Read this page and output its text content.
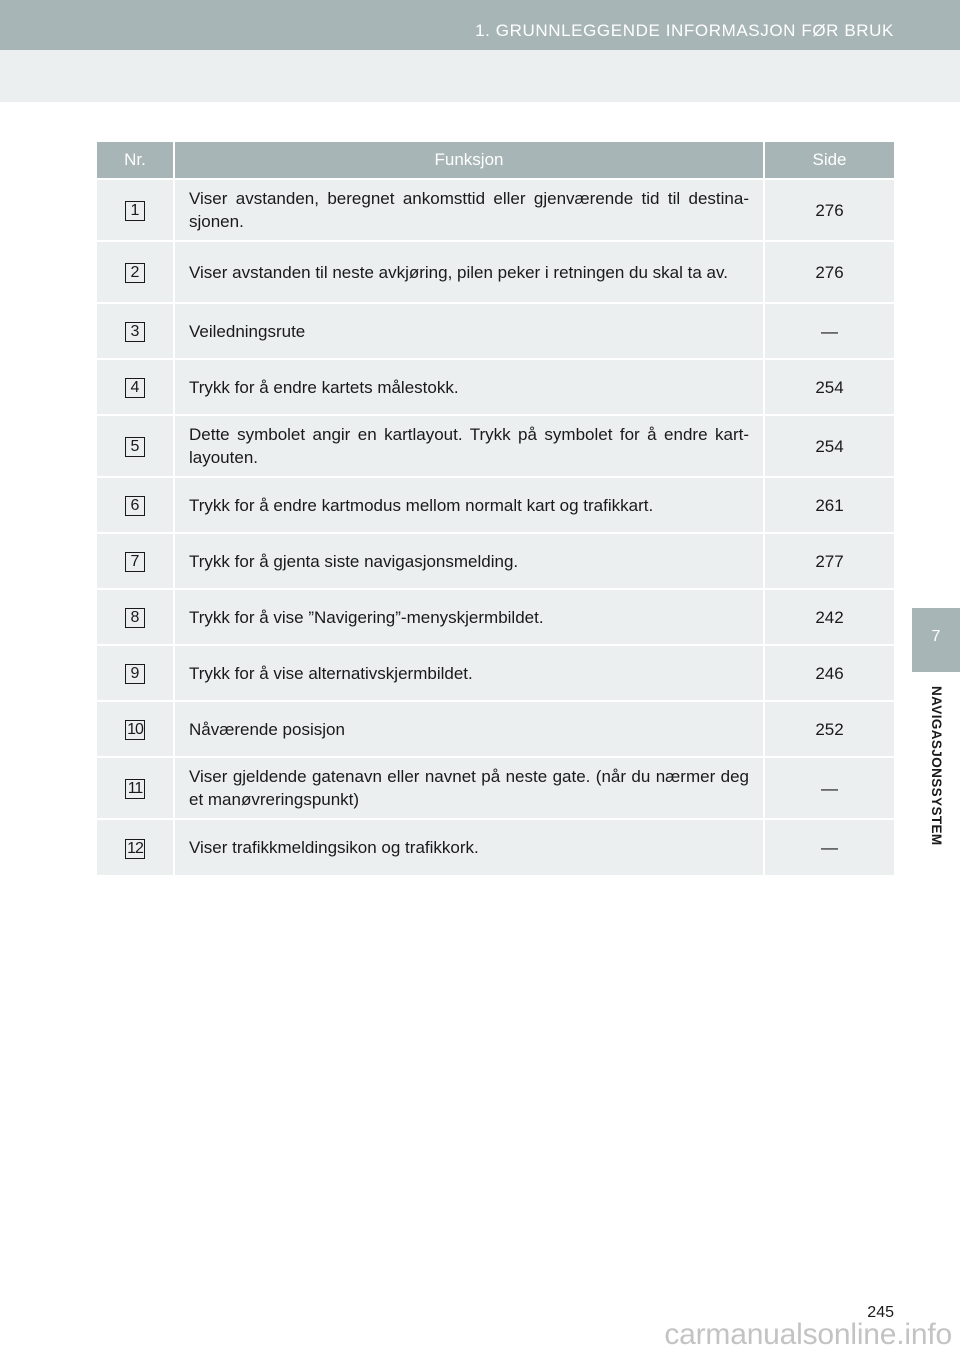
1. GRUNNLEGGENDE INFORMASJON FØR BRUK
7
NAVIGASJONSSYSTEM
Nr.	Funksjon	Side
1	Viser avstanden, beregnet ankomsttid eller gjenværende tid til destina-sjonen.	276
2	Viser avstanden til neste avkjøring, pilen peker i retningen du skal ta av.	276
3	Veiledningsrute	—
4	Trykk for å endre kartets målestokk.	254
5	Dette symbolet angir en kartlayout. Trykk på symbolet for å endre kart-layouten.	254
6	Trykk for å endre kartmodus mellom normalt kart og trafikkart.	261
7	Trykk for å gjenta siste navigasjonsmelding.	277
8	Trykk for å vise ”Navigering”-menyskjermbildet.	242
9	Trykk for å vise alternativskjermbildet.	246
10	Nåværende posisjon	252
11	Viser gjeldende gatenavn eller navnet på neste gate. (når du nærmer deg et manøvreringspunkt)	—
12	Viser trafikkmeldingsikon og trafikkork.	—
245
carmanualsonline.info
